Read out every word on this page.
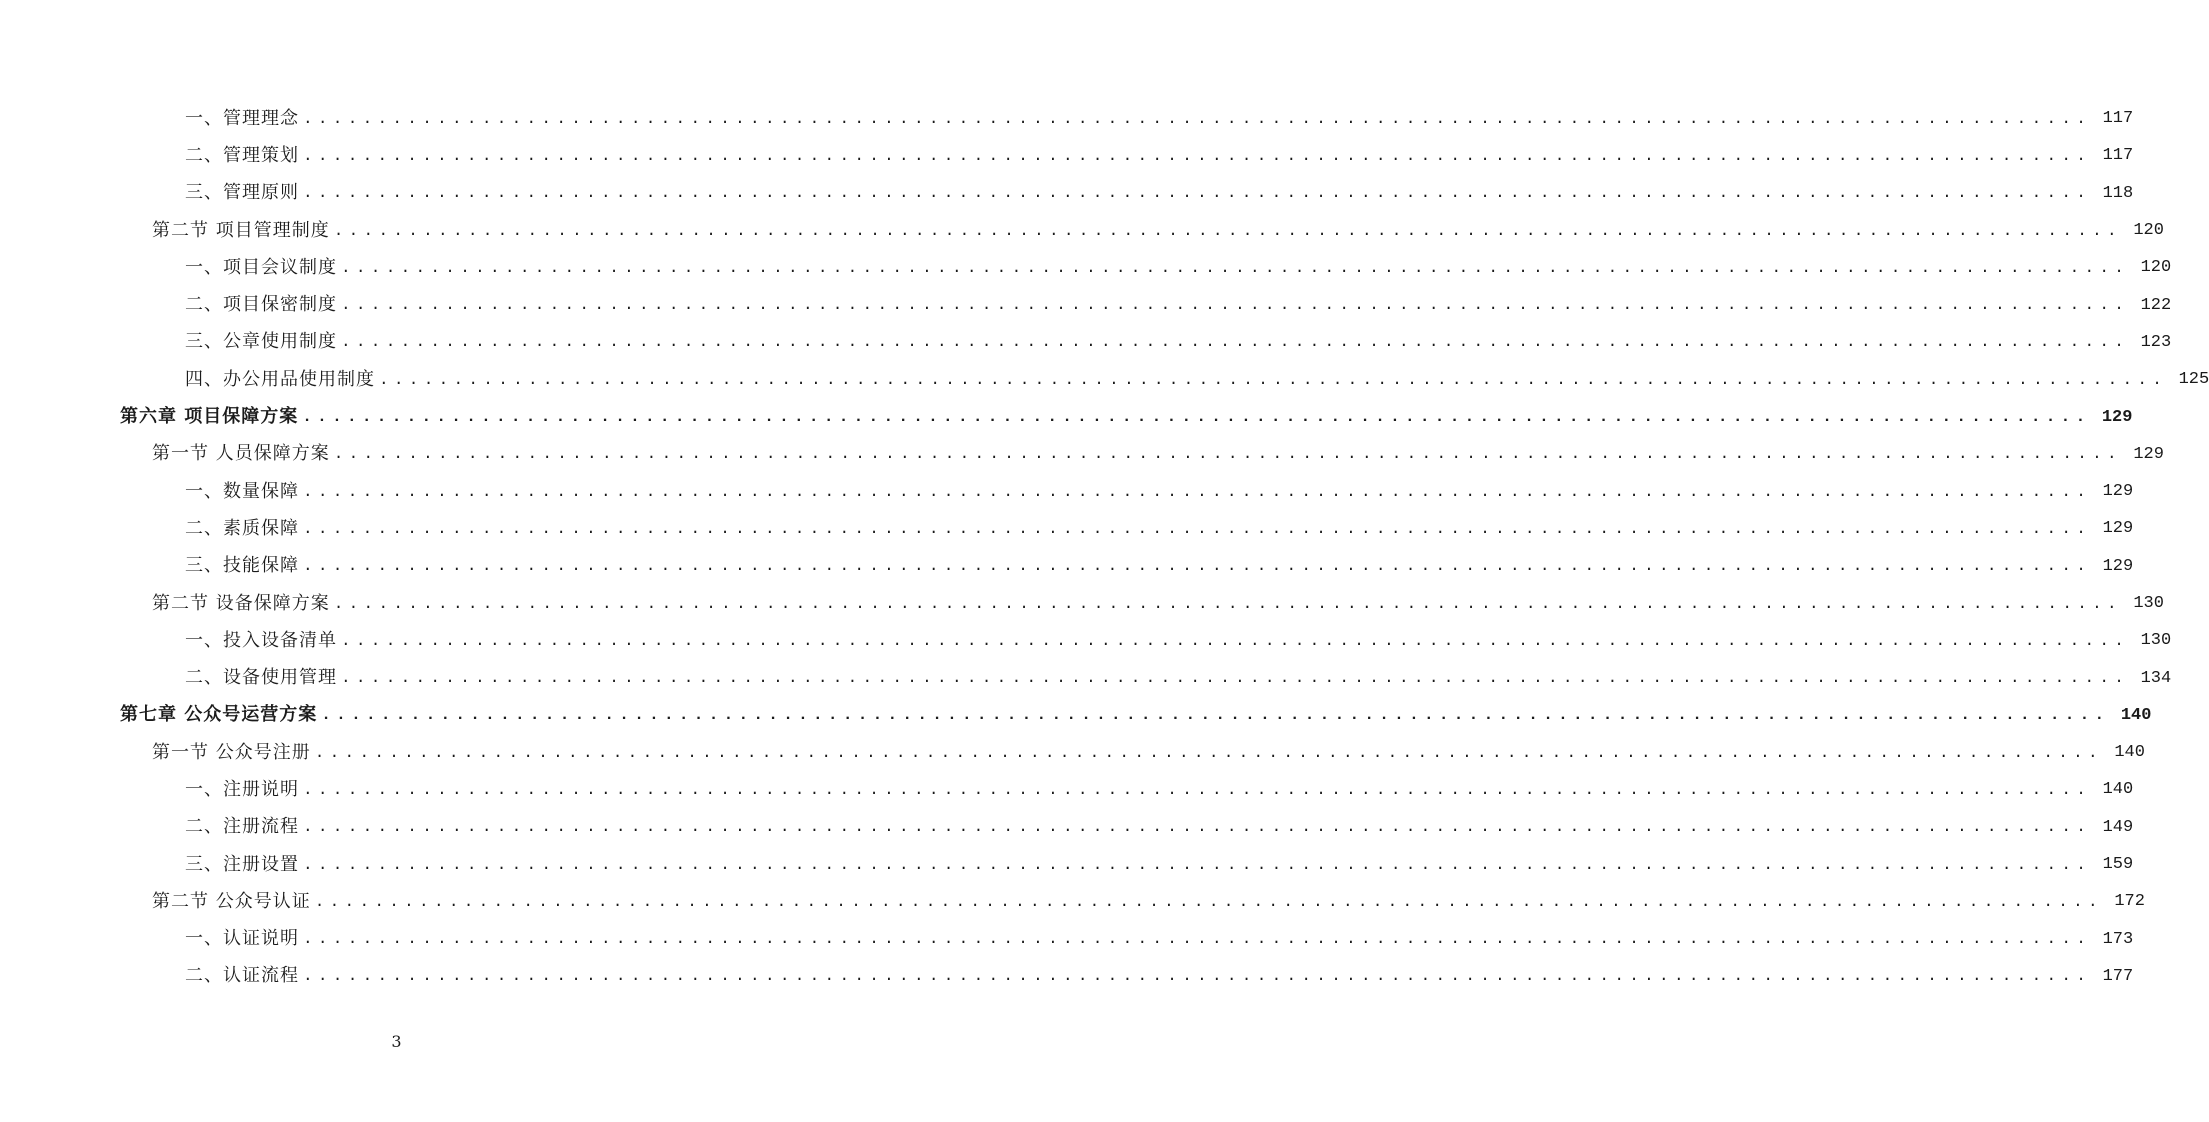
一、管理理念 ........................................................................................................................ 117
二、管理策划 ........................................................................................................................ 117
三、管理原则 ........................................................................................................................ 118
第二节 项目管理制度 ........................................................................................................................ 120
一、项目会议制度 ........................................................................................................................ 120
二、项目保密制度 ........................................................................................................................ 122
三、公章使用制度 ........................................................................................................................ 123
四、办公用品使用制度 ........................................................................................................................ 125
第六章 项目保障方案 ........................................................................................................................ 129
第一节 人员保障方案 ........................................................................................................................ 129
一、数量保障 ........................................................................................................................ 129
二、素质保障 ........................................................................................................................ 129
三、技能保障 ........................................................................................................................ 129
第二节 设备保障方案 ........................................................................................................................ 130
一、投入设备清单 ........................................................................................................................ 130
二、设备使用管理 ........................................................................................................................ 134
第七章 公众号运营方案 ........................................................................................................................ 140
第一节 公众号注册 ........................................................................................................................ 140
一、注册说明 ........................................................................................................................ 140
二、注册流程 ........................................................................................................................ 149
三、注册设置 ........................................................................................................................ 159
第二节 公众号认证 ........................................................................................................................ 172
一、认证说明 ........................................................................................................................ 173
二、认证流程 ........................................................................................................................ 177
3
